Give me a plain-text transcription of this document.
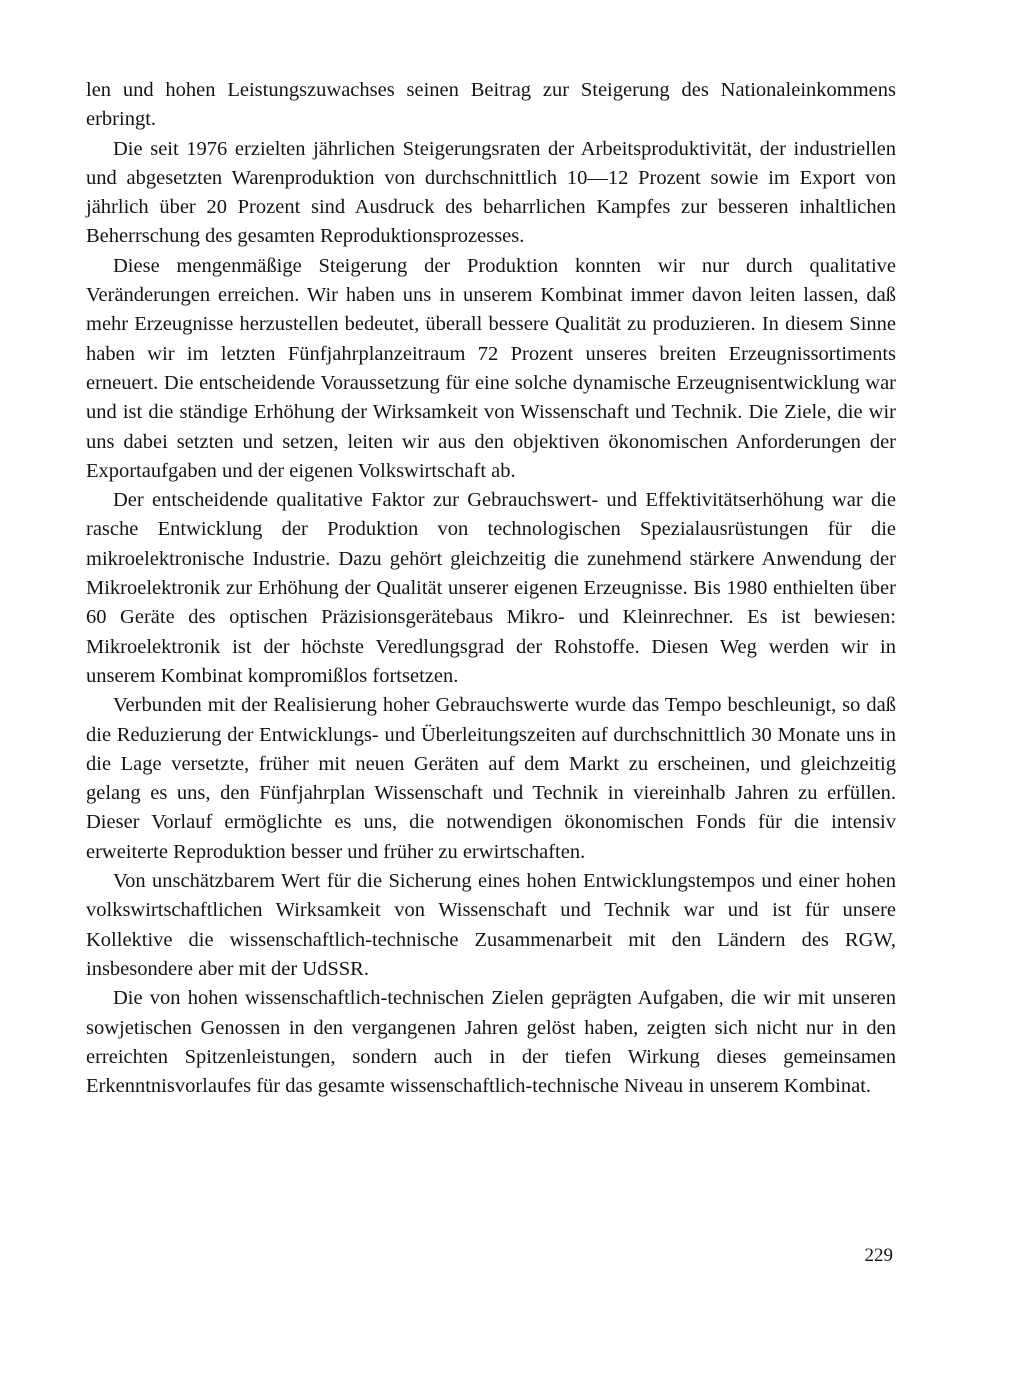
len und hohen Leistungszuwachses seinen Beitrag zur Steigerung des Nationaleinkommens erbringt.

Die seit 1976 erzielten jährlichen Steigerungsraten der Arbeitsproduktivität, der industriellen und abgesetzten Warenproduktion von durchschnittlich 10—12 Prozent sowie im Export von jährlich über 20 Prozent sind Ausdruck des beharrlichen Kampfes zur besseren inhaltlichen Beherrschung des gesamten Reproduktionsprozesses.

Diese mengenmäßige Steigerung der Produktion konnten wir nur durch qualitative Veränderungen erreichen. Wir haben uns in unserem Kombinat immer davon leiten lassen, daß mehr Erzeugnisse herzustellen bedeutet, überall bessere Qualität zu produzieren. In diesem Sinne haben wir im letzten Fünfjahrplanzeitraum 72 Prozent unseres breiten Erzeugnissortiments erneuert. Die entscheidende Voraussetzung für eine solche dynamische Erzeugnisentwicklung war und ist die ständige Erhöhung der Wirksamkeit von Wissenschaft und Technik. Die Ziele, die wir uns dabei setzten und setzen, leiten wir aus den objektiven ökonomischen Anforderungen der Exportaufgaben und der eigenen Volkswirtschaft ab.

Der entscheidende qualitative Faktor zur Gebrauchswert- und Effektivitätserhöhung war die rasche Entwicklung der Produktion von technologischen Spezialausrüstungen für die mikroelektronische Industrie. Dazu gehört gleichzeitig die zunehmend stärkere Anwendung der Mikroelektronik zur Erhöhung der Qualität unserer eigenen Erzeugnisse. Bis 1980 enthielten über 60 Geräte des optischen Präzisionsgerätebaus Mikro- und Kleinrechner. Es ist bewiesen: Mikroelektronik ist der höchste Veredlungsgrad der Rohstoffe. Diesen Weg werden wir in unserem Kombinat kompromißlos fortsetzen.

Verbunden mit der Realisierung hoher Gebrauchswerte wurde das Tempo beschleunigt, so daß die Reduzierung der Entwicklungs- und Überleitungszeiten auf durchschnittlich 30 Monate uns in die Lage versetzte, früher mit neuen Geräten auf dem Markt zu erscheinen, und gleichzeitig gelang es uns, den Fünfjahrplan Wissenschaft und Technik in viereinhalb Jahren zu erfüllen. Dieser Vorlauf ermöglichte es uns, die notwendigen ökonomischen Fonds für die intensiv erweiterte Reproduktion besser und früher zu erwirtschaften.

Von unschätzbarem Wert für die Sicherung eines hohen Entwicklungstempos und einer hohen volkswirtschaftlichen Wirksamkeit von Wissenschaft und Technik war und ist für unsere Kollektive die wissenschaftlich-technische Zusammenarbeit mit den Ländern des RGW, insbesondere aber mit der UdSSR.

Die von hohen wissenschaftlich-technischen Zielen geprägten Aufgaben, die wir mit unseren sowjetischen Genossen in den vergangenen Jahren gelöst haben, zeigten sich nicht nur in den erreichten Spitzenleistungen, sondern auch in der tiefen Wirkung dieses gemeinsamen Erkenntnisvorlaufes für das gesamte wissenschaftlich-technische Niveau in unserem Kombinat.

229
